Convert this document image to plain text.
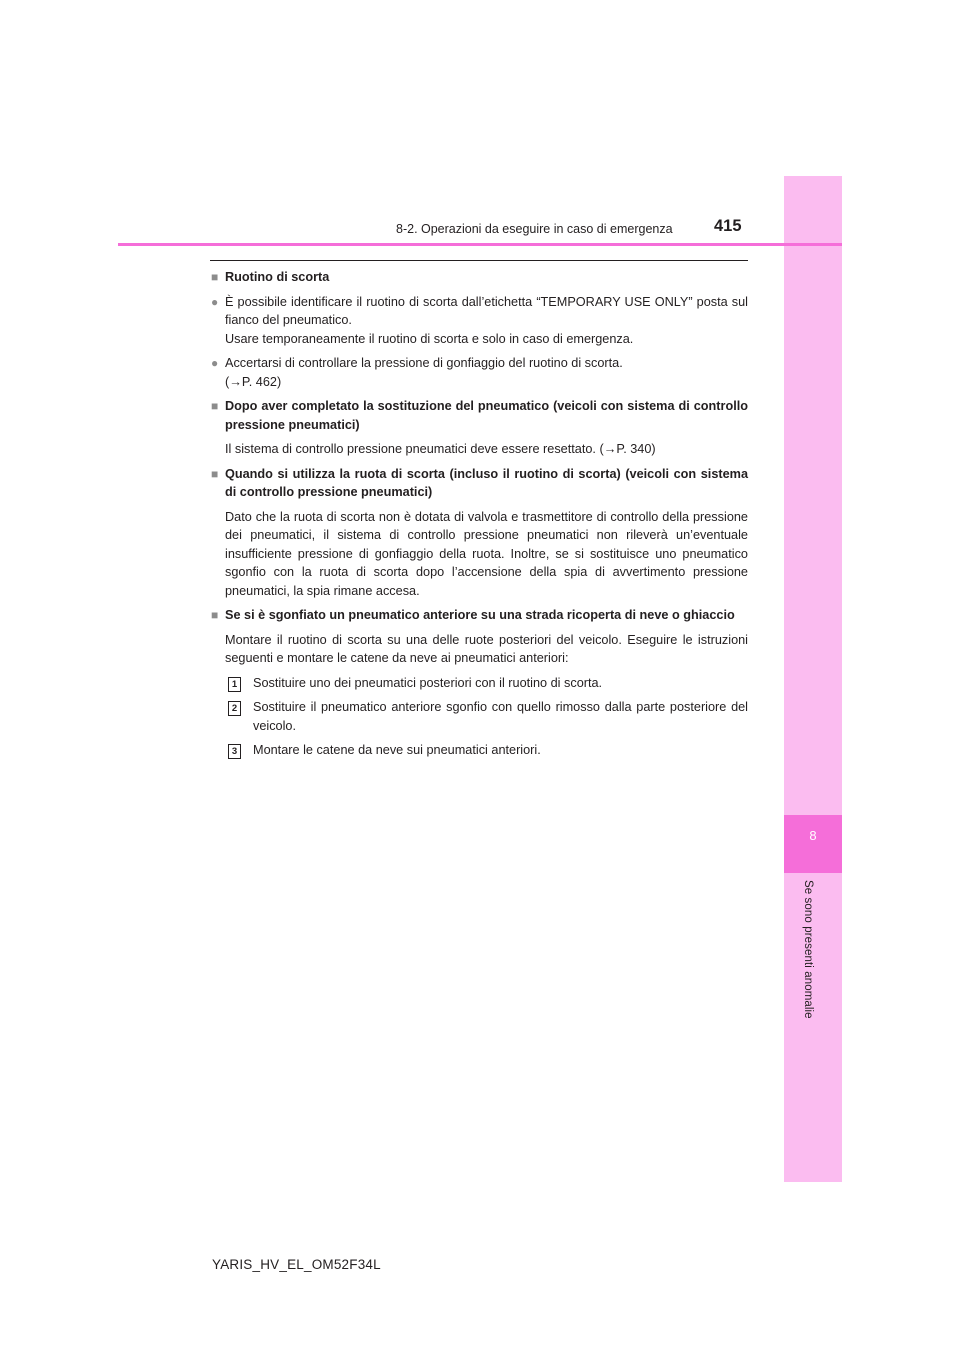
8
Se sono presenti anomalie
8-2. Operazioni da eseguire in caso di emergenza	415
■ Ruotino di scorta
● È possibile identificare il ruotino di scorta dall’etichetta “TEMPORARY USE ONLY” posta sul fianco del pneumatico.
Usare temporaneamente il ruotino di scorta e solo in caso di emergenza.
● Accertarsi di controllare la pressione di gonfiaggio del ruotino di scorta.
(→P. 462)
■ Dopo aver completato la sostituzione del pneumatico (veicoli con sistema di controllo pressione pneumatici)
Il sistema di controllo pressione pneumatici deve essere resettato. (→P. 340)
■ Quando si utilizza la ruota di scorta (incluso il ruotino di scorta) (veicoli con sistema di controllo pressione pneumatici)
Dato che la ruota di scorta non è dotata di valvola e trasmettitore di controllo della pressione dei pneumatici, il sistema di controllo pressione pneumatici non rileverà un’eventuale insufficiente pressione di gonfiaggio della ruota. Inoltre, se si sostituisce uno pneumatico sgonfio con la ruota di scorta dopo l’accensione della spia di avvertimento pressione pneumatici, la spia rimane accesa.
■ Se si è sgonfiato un pneumatico anteriore su una strada ricoperta di neve o ghiaccio
Montare il ruotino di scorta su una delle ruote posteriori del veicolo. Eseguire le istruzioni seguenti e montare le catene da neve ai pneumatici anteriori:
1	Sostituire uno dei pneumatici posteriori con il ruotino di scorta.
2	Sostituire il pneumatico anteriore sgonfio con quello rimosso dalla parte posteriore del veicolo.
3	Montare le catene da neve sui pneumatici anteriori.
YARIS_HV_EL_OM52F34L
